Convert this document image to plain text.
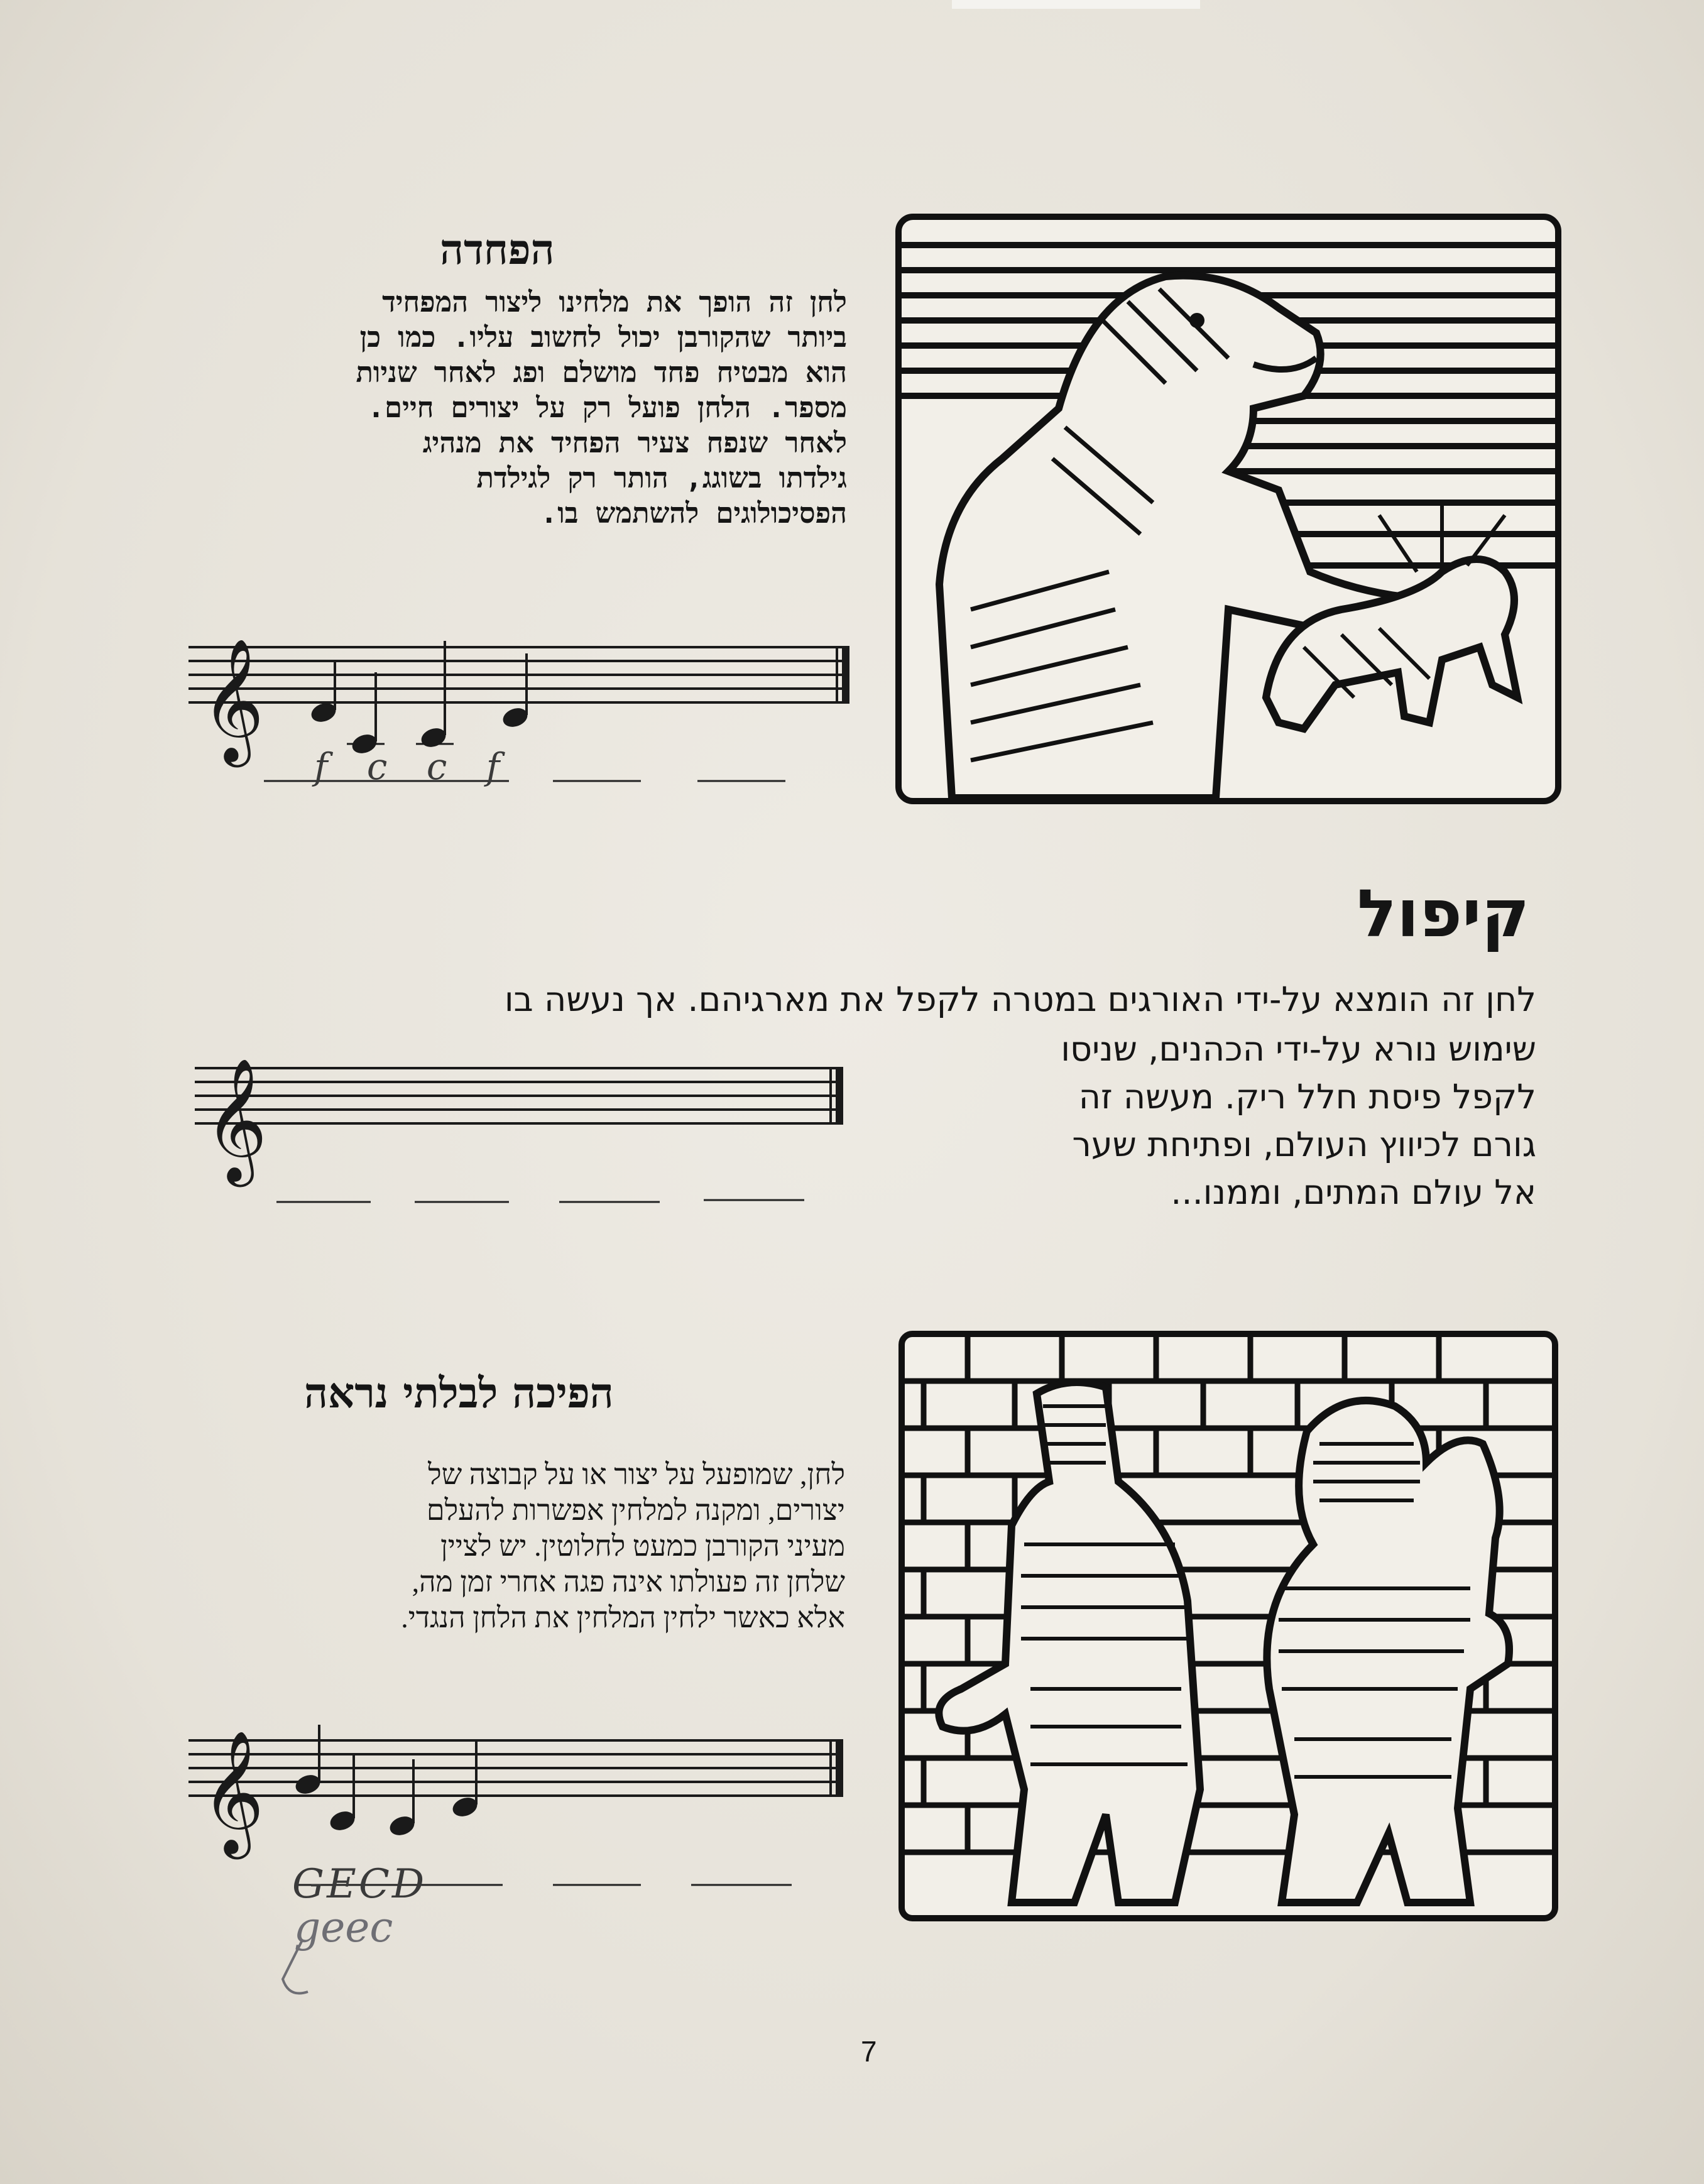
הפחדה
לחן זה הופך את מלחינו ליצור המפחיד
ביותר שהקורבן יכול לחשוב עליו. כמו כן
הוא מבטיח פחד מושלם ופג לאחר שניות
מספר. הלחן פועל רק על יצורים חיים.
לאחר שנפח צעיר הפחיד את מנהיג
גילדתו בשוגג, הותר רק לגילדת
הפסיכולוגים להשתמש בו.
𝄞
f c c f
קיפול
לחן זה הומצא על-ידי האורגים במטרה לקפל את מארגיהם. אך נעשה בו
שימוש נורא על-ידי הכהנים, שניסו
לקפל פיסת חלל ריק. מעשה זה
גורם לכיווץ העולם, ופתיחת שער
אל עולם המתים, וממנו...
𝄞
הפיכה לבלתי נראה
לחן, שמופעל על יצור או על קבוצה של
יצורים, ומקנה למלחין אפשרות להעלם
מעיני הקורבן כמעט לחלוטין. יש לציין
שלחן זה פעולתו אינה פגה אחרי זמן מה,
אלא כאשר ילחין המלחין את הלחן הנגדי.
𝄞
GECD
geec
7
